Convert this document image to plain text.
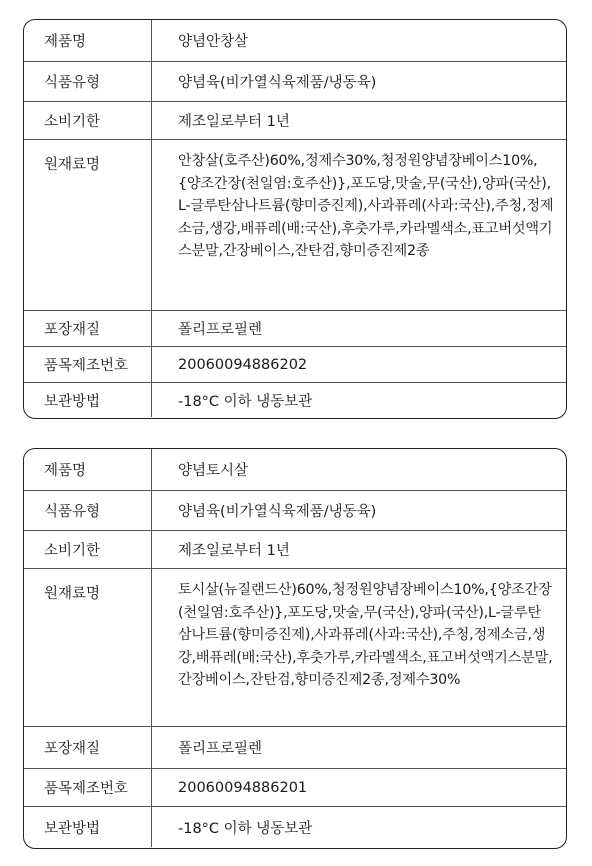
제품명	양념안창살
식품유형	양념육(비가열식육제품/냉동육)
소비기한	제조일로부터 1년
원재료명	안창살(호주산)60%,정제수30%,청정원양념장베이스10%,{양조간장(천일염:호주산)},포도당,맛술,무(국산),양파(국산),L-글루탄삼나트륨(향미증진제),사과퓨레(사과:국산),주청,정제소금,생강,배퓨레(배:국산),후춧가루,카라멜색소,표고버섯액기스분말,간장베이스,잔탄검,향미증진제2종
포장재질	폴리프로필렌
품목제조번호	20060094886202
보관방법	-18°C 이하 냉동보관
제품명	양념토시살
식품유형	양념육(비가열식육제품/냉동육)
소비기한	제조일로부터 1년
원재료명	토시살(뉴질랜드산)60%,청정원양념장베이스10%,{양조간장(천일염:호주산)},포도당,맛술,무(국산),양파(국산),L-글루탄삼나트륨(향미증진제),사과퓨레(사과:국산),주청,정제소금,생강,배퓨레(배:국산),후춧가루,카라멜색소,표고버섯액기스분말,간장베이스,잔탄검,향미증진제2종,정제수30%
포장재질	폴리프로필렌
품목제조번호	20060094886201
보관방법	-18°C 이하 냉동보관
